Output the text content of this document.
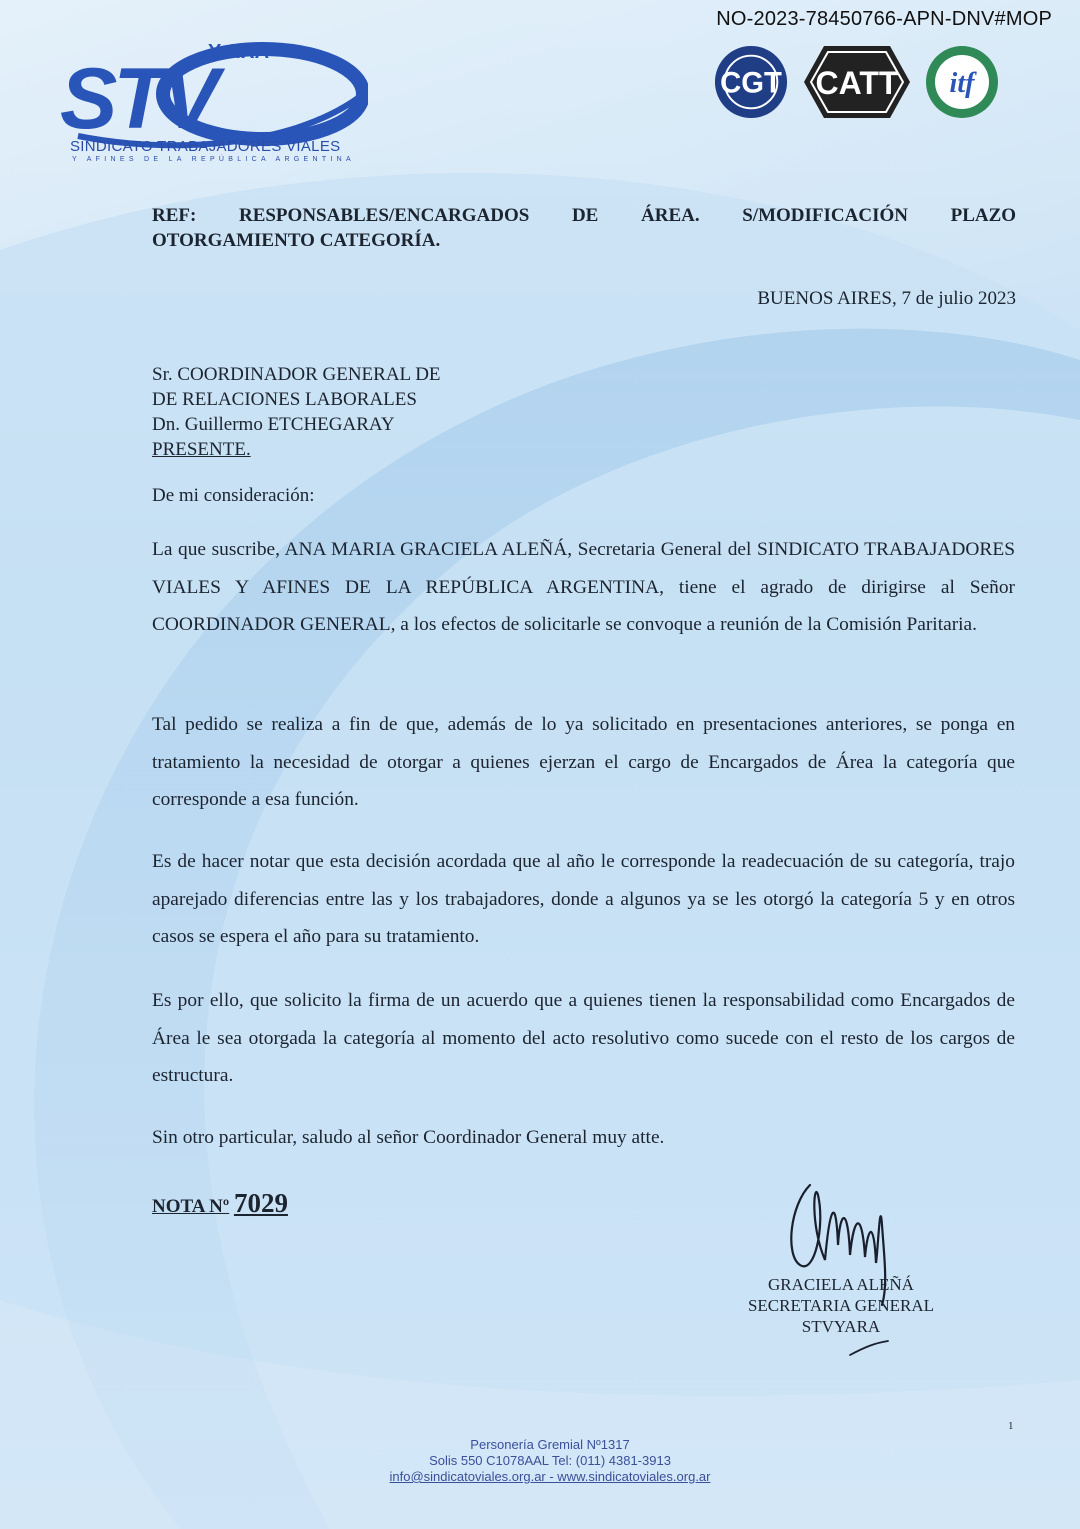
NO-2023-78450766-APN-DNV#MOP
STV
Y ARA
SINDICATO TRABAJADORES VIALES
Y AFINES DE LA REPÚBLICA ARGENTINA
CGT CATT itf
REF: RESPONSABLES/ENCARGADOS DE ÁREA. S/MODIFICACIÓN PLAZO
OTORGAMIENTO CATEGORÍA.
BUENOS AIRES, 7 de julio 2023
Sr. COORDINADOR GENERAL DE
DE RELACIONES LABORALES
Dn. Guillermo ETCHEGARAY
PRESENTE.
De mi consideración:
La que suscribe, ANA MARIA GRACIELA ALEÑÁ, Secretaria General del SINDICATO TRABAJADORES VIALES Y AFINES DE LA REPÚBLICA ARGENTINA, tiene el agrado de dirigirse al Señor COORDINADOR GENERAL, a los efectos de solicitarle se convoque a reunión de la Comisión Paritaria.
Tal pedido se realiza a fin de que, además de lo ya solicitado en presentaciones anteriores, se ponga en tratamiento la necesidad de otorgar a quienes ejerzan el cargo de Encargados de Área la categoría que corresponde a esa función.
Es de hacer notar que esta decisión acordada que al año le corresponde la readecuación de su categoría, trajo aparejado diferencias entre las y los trabajadores, donde a algunos ya se les otorgó la categoría 5 y en otros casos se espera el año para su tratamiento.
Es por ello, que solicito la firma de un acuerdo que a quienes tienen la responsabilidad como Encargados de Área le sea otorgada la categoría al momento del acto resolutivo como sucede con el resto de los cargos de estructura.
Sin otro particular, saludo al señor Coordinador General muy atte.
NOTA Nº 7029
GRACIELA ALEÑÁ
SECRETARIA GENERAL
STVYARA
1
Personería Gremial Nº1317
Solis 550 C1078AAL Tel: (011) 4381-3913
info@sindicatoviales.org.ar - www.sindicatoviales.org.ar
